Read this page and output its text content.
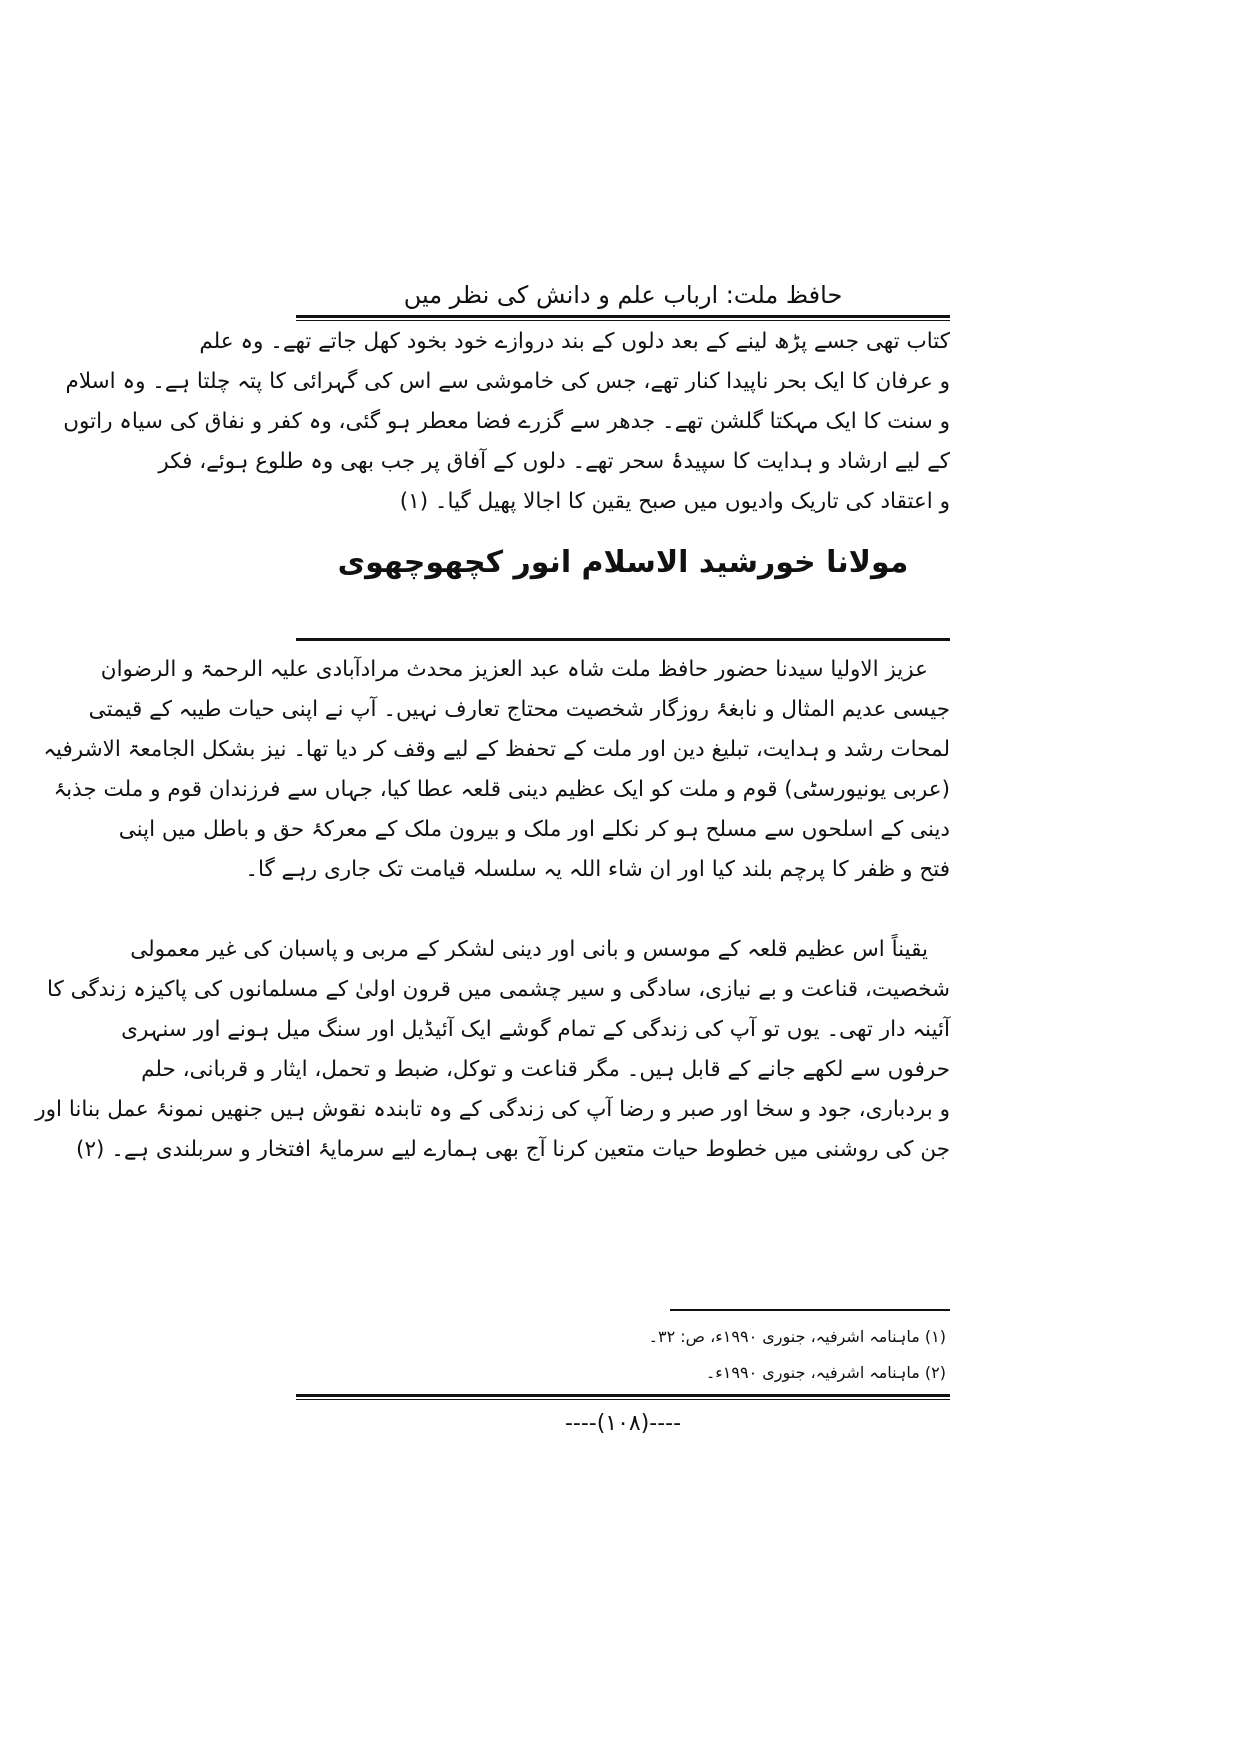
حافظ ملت: ارباب علم و دانش کی نظر میں
کتاب تھی جسے پڑھ لینے کے بعد دلوں کے بند دروازے خود بخود کھل جاتے تھے۔ وہ علم
و عرفان کا ایک بحر ناپیدا کنار تھے، جس کی خاموشی سے اس کی گہرائی کا پتہ چلتا ہے۔ وہ اسلام
و سنت کا ایک مہکتا گلشن تھے۔ جدھر سے گزرے فضا معطر ہو گئی، وہ کفر و نفاق کی سیاہ راتوں
کے لیے ارشاد و ہدایت کا سپیدۂ سحر تھے۔ دلوں کے آفاق پر جب بھی وہ طلوع ہوئے، فکر
و اعتقاد کی تاریک وادیوں میں صبح یقین کا اجالا پھیل گیا۔ (۱)
مولانا خورشید الاسلام انور کچھوچھوی
عزیز الاولیا سیدنا حضور حافظ ملت شاہ عبد العزیز محدث مرادآبادی علیہ الرحمۃ و الرضوان
جیسی عدیم المثال و نابغۂ روزگار شخصیت محتاج تعارف نہیں۔ آپ نے اپنی حیات طیبہ کے قیمتی
لمحات رشد و ہدایت، تبلیغ دین اور ملت کے تحفظ کے لیے وقف کر دیا تھا۔ نیز بشکل الجامعۃ الاشرفیہ
(عربی یونیورسٹی) قوم و ملت کو ایک عظیم دینی قلعہ عطا کیا، جہاں سے فرزندان قوم و ملت جذبۂ
دینی کے اسلحوں سے مسلح ہو کر نکلے اور ملک و بیرون ملک کے معرکۂ حق و باطل میں اپنی
فتح و ظفر کا پرچم بلند کیا اور ان شاء اللہ یہ سلسلہ قیامت تک جاری رہے گا۔
یقیناً اس عظیم قلعہ کے موسس و بانی اور دینی لشکر کے مربی و پاسبان کی غیر معمولی
شخصیت، قناعت و بے نیازی، سادگی و سیر چشمی میں قرون اولیٰ کے مسلمانوں کی پاکیزہ زندگی کا
آئینہ دار تھی۔ یوں تو آپ کی زندگی کے تمام گوشے ایک آئیڈیل اور سنگ میل ہونے اور سنہری
حرفوں سے لکھے جانے کے قابل ہیں۔ مگر قناعت و توکل، ضبط و تحمل، ایثار و قربانی، حلم
و بردباری، جود و سخا اور صبر و رضا آپ کی زندگی کے وہ تابندہ نقوش ہیں جنھیں نمونۂ عمل بنانا اور
جن کی روشنی میں خطوط حیات متعین کرنا آج بھی ہمارے لیے سرمایۂ افتخار و سربلندی ہے۔ (۲)
(۱) ماہنامہ اشرفیہ، جنوری ۱۹۹۰ء، ص: ۳۲۔
(۲) ماہنامہ اشرفیہ، جنوری ۱۹۹۰ء۔
----(۱۰۸)----
